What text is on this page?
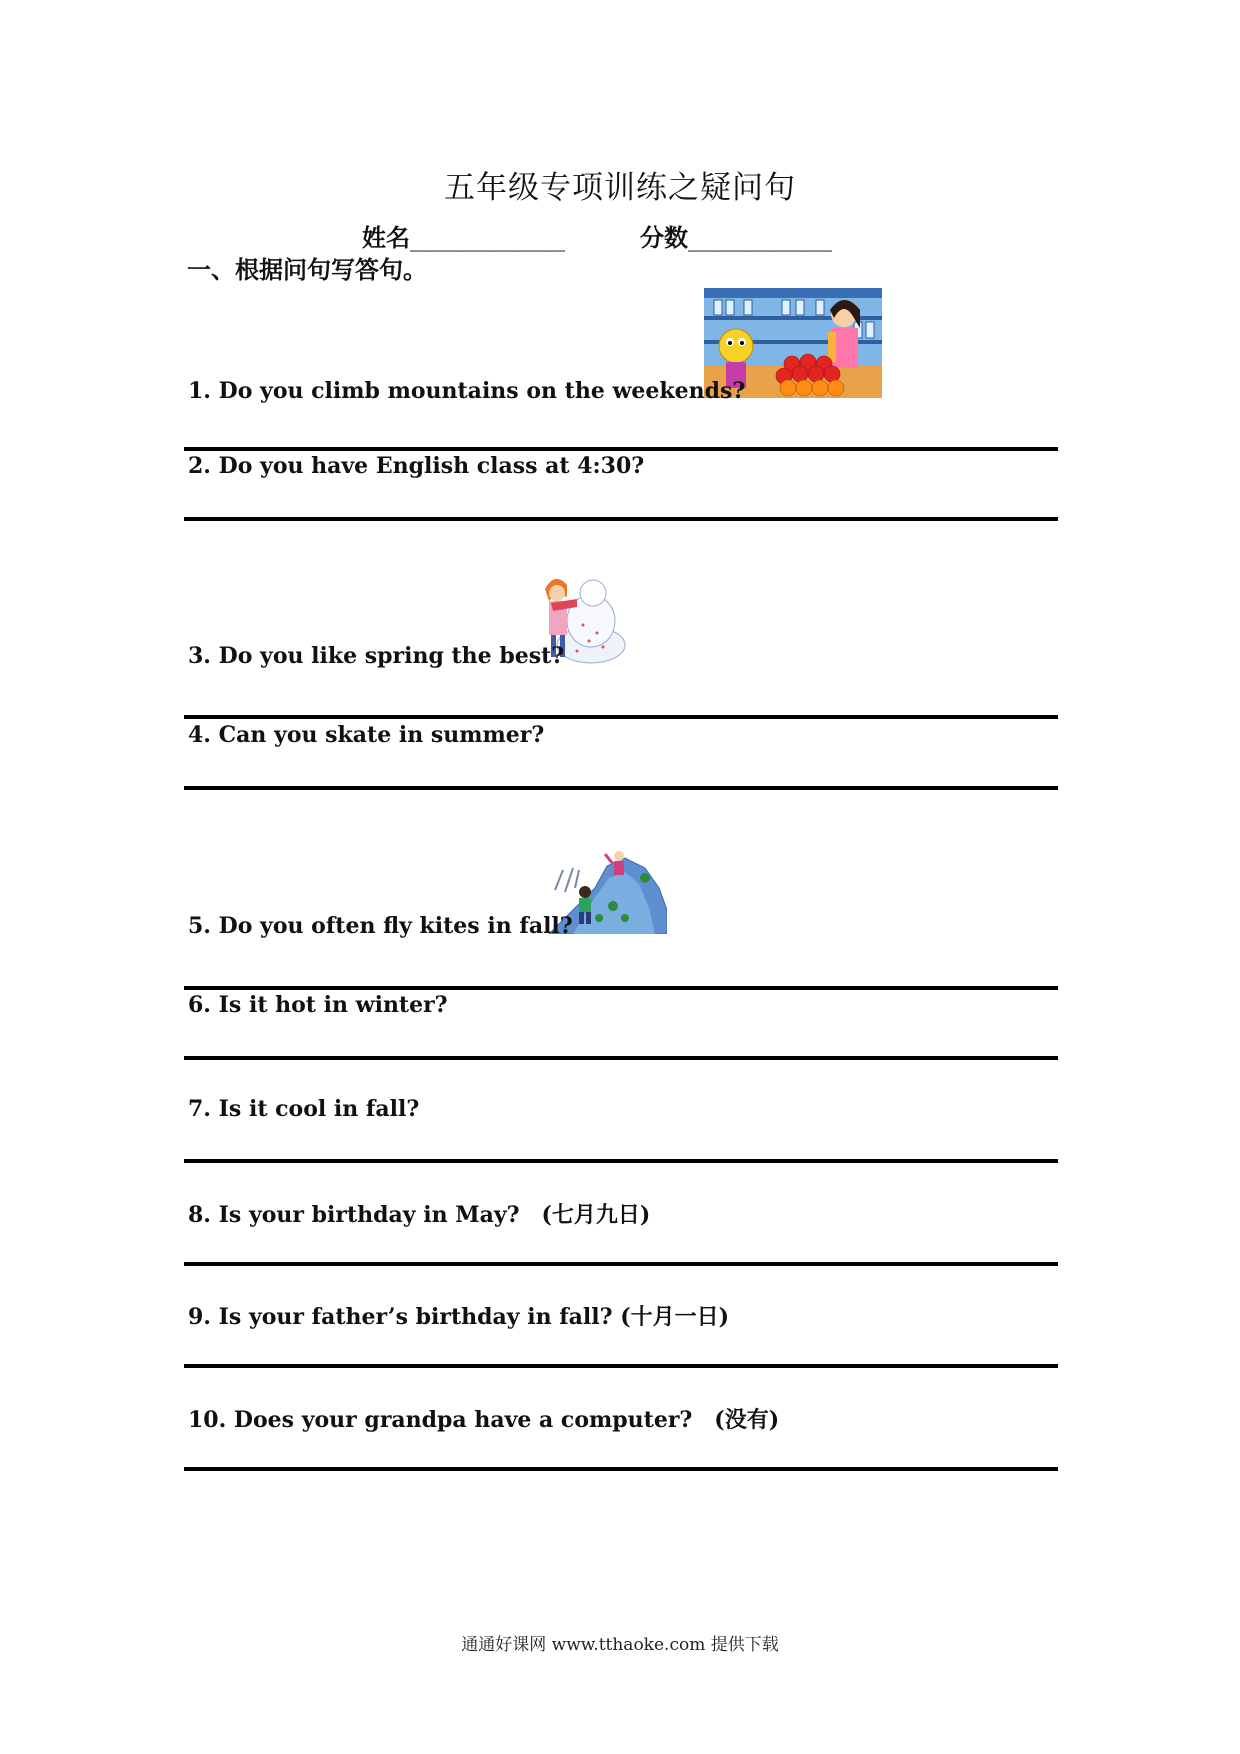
五年级专项训练之疑问句
姓名______________	分数_____________
一、根据问句写答句。
1. Do you climb mountains on the weekends?
2. Do you have English class at 4:30?
3. Do you like spring the best?
4. Can you skate in summer?
5. Do you often fly kites in fall?
6. Is it hot in winter?
7. Is it cool in fall?
8. Is your birthday in May?　(七月九日)
9. Is your father’s birthday in fall? (十月一日)
10. Does your grandpa have a computer?　(没有)
通通好课网 www.tthaoke.com 提供下载
